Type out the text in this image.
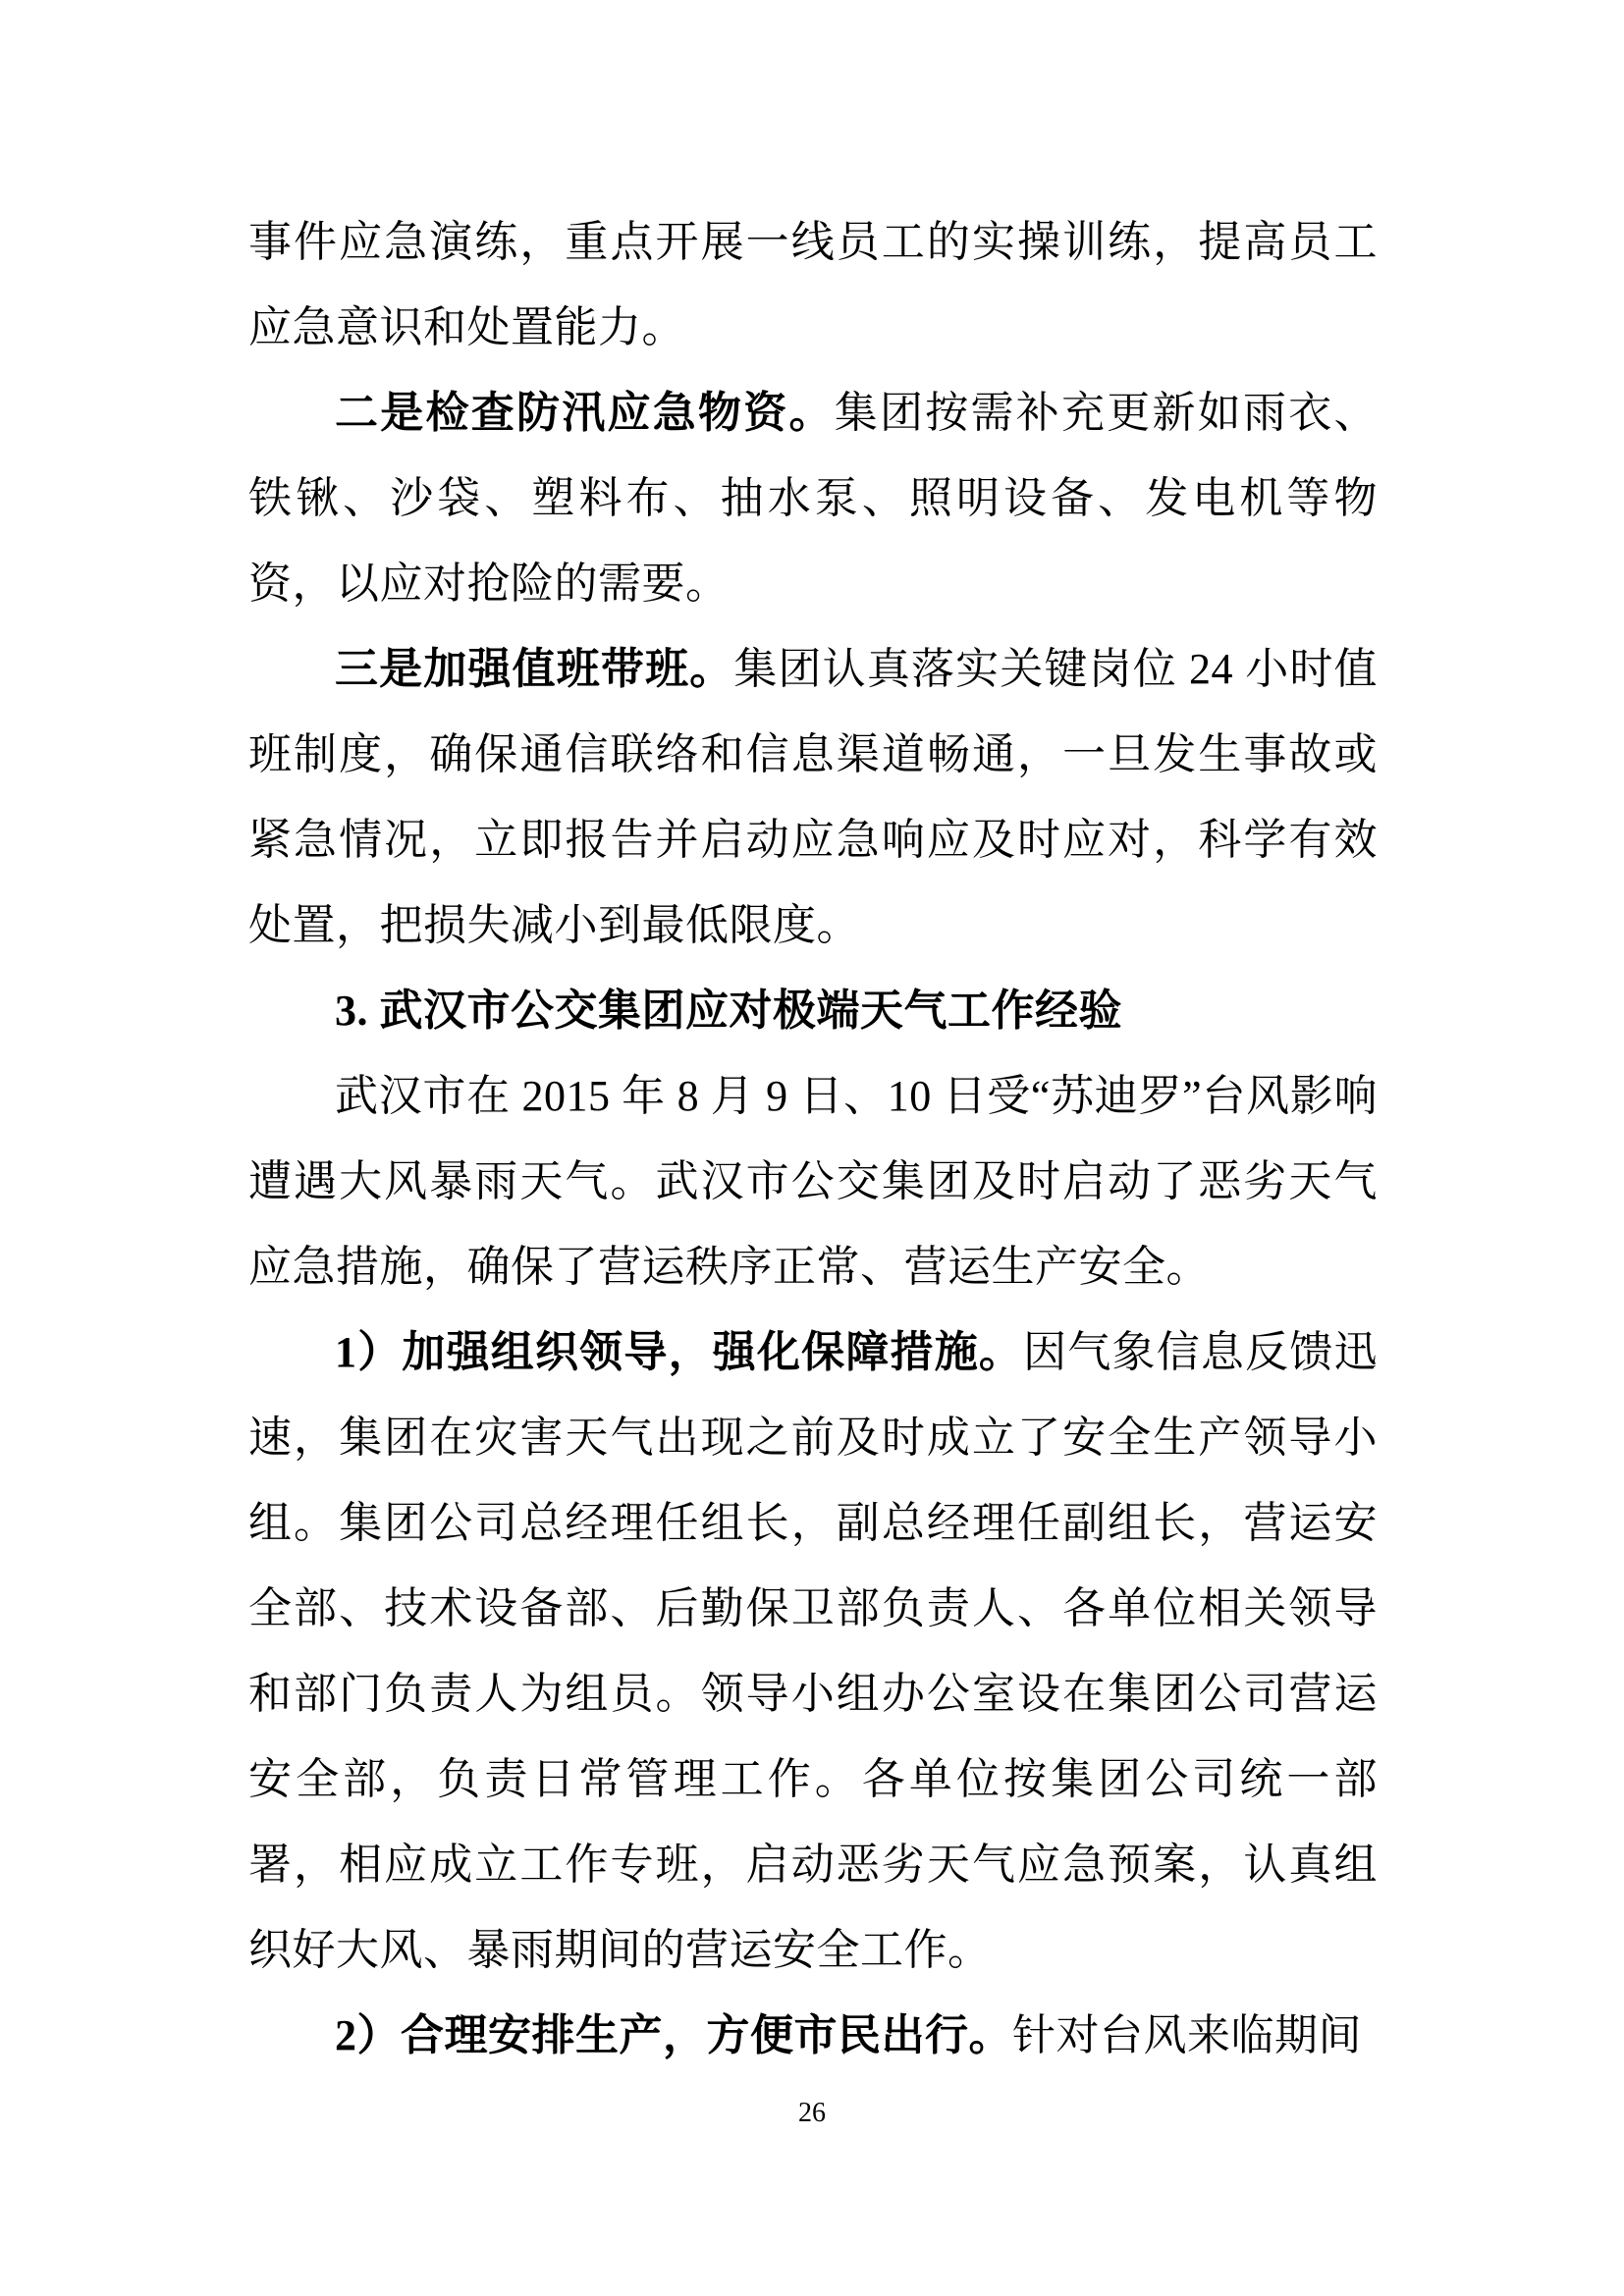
事件应急演练，重点开展一线员工的实操训练，提高员工应急意识和处置能力。

二是检查防汛应急物资。集团按需补充更新如雨衣、铁锹、沙袋、塑料布、抽水泵、照明设备、发电机等物资，以应对抢险的需要。

三是加强值班带班。集团认真落实关键岗位 24 小时值班制度，确保通信联络和信息渠道畅通，一旦发生事故或紧急情况，立即报告并启动应急响应及时应对，科学有效处置，把损失减小到最低限度。

3. 武汉市公交集团应对极端天气工作经验

武汉市在 2015 年 8 月 9 日、10 日受“苏迪罗”台风影响遭遇大风暴雨天气。武汉市公交集团及时启动了恶劣天气应急措施，确保了营运秩序正常、营运生产安全。

1）加强组织领导，强化保障措施。因气象信息反馈迅速，集团在灾害天气出现之前及时成立了安全生产领导小组。集团公司总经理任组长，副总经理任副组长，营运安全部、技术设备部、后勤保卫部负责人、各单位相关领导和部门负责人为组员。领导小组办公室设在集团公司营运安全部，负责日常管理工作。各单位按集团公司统一部署，相应成立工作专班，启动恶劣天气应急预案，认真组织好大风、暴雨期间的营运安全工作。

2）合理安排生产，方便市民出行。针对台风来临期间

26
